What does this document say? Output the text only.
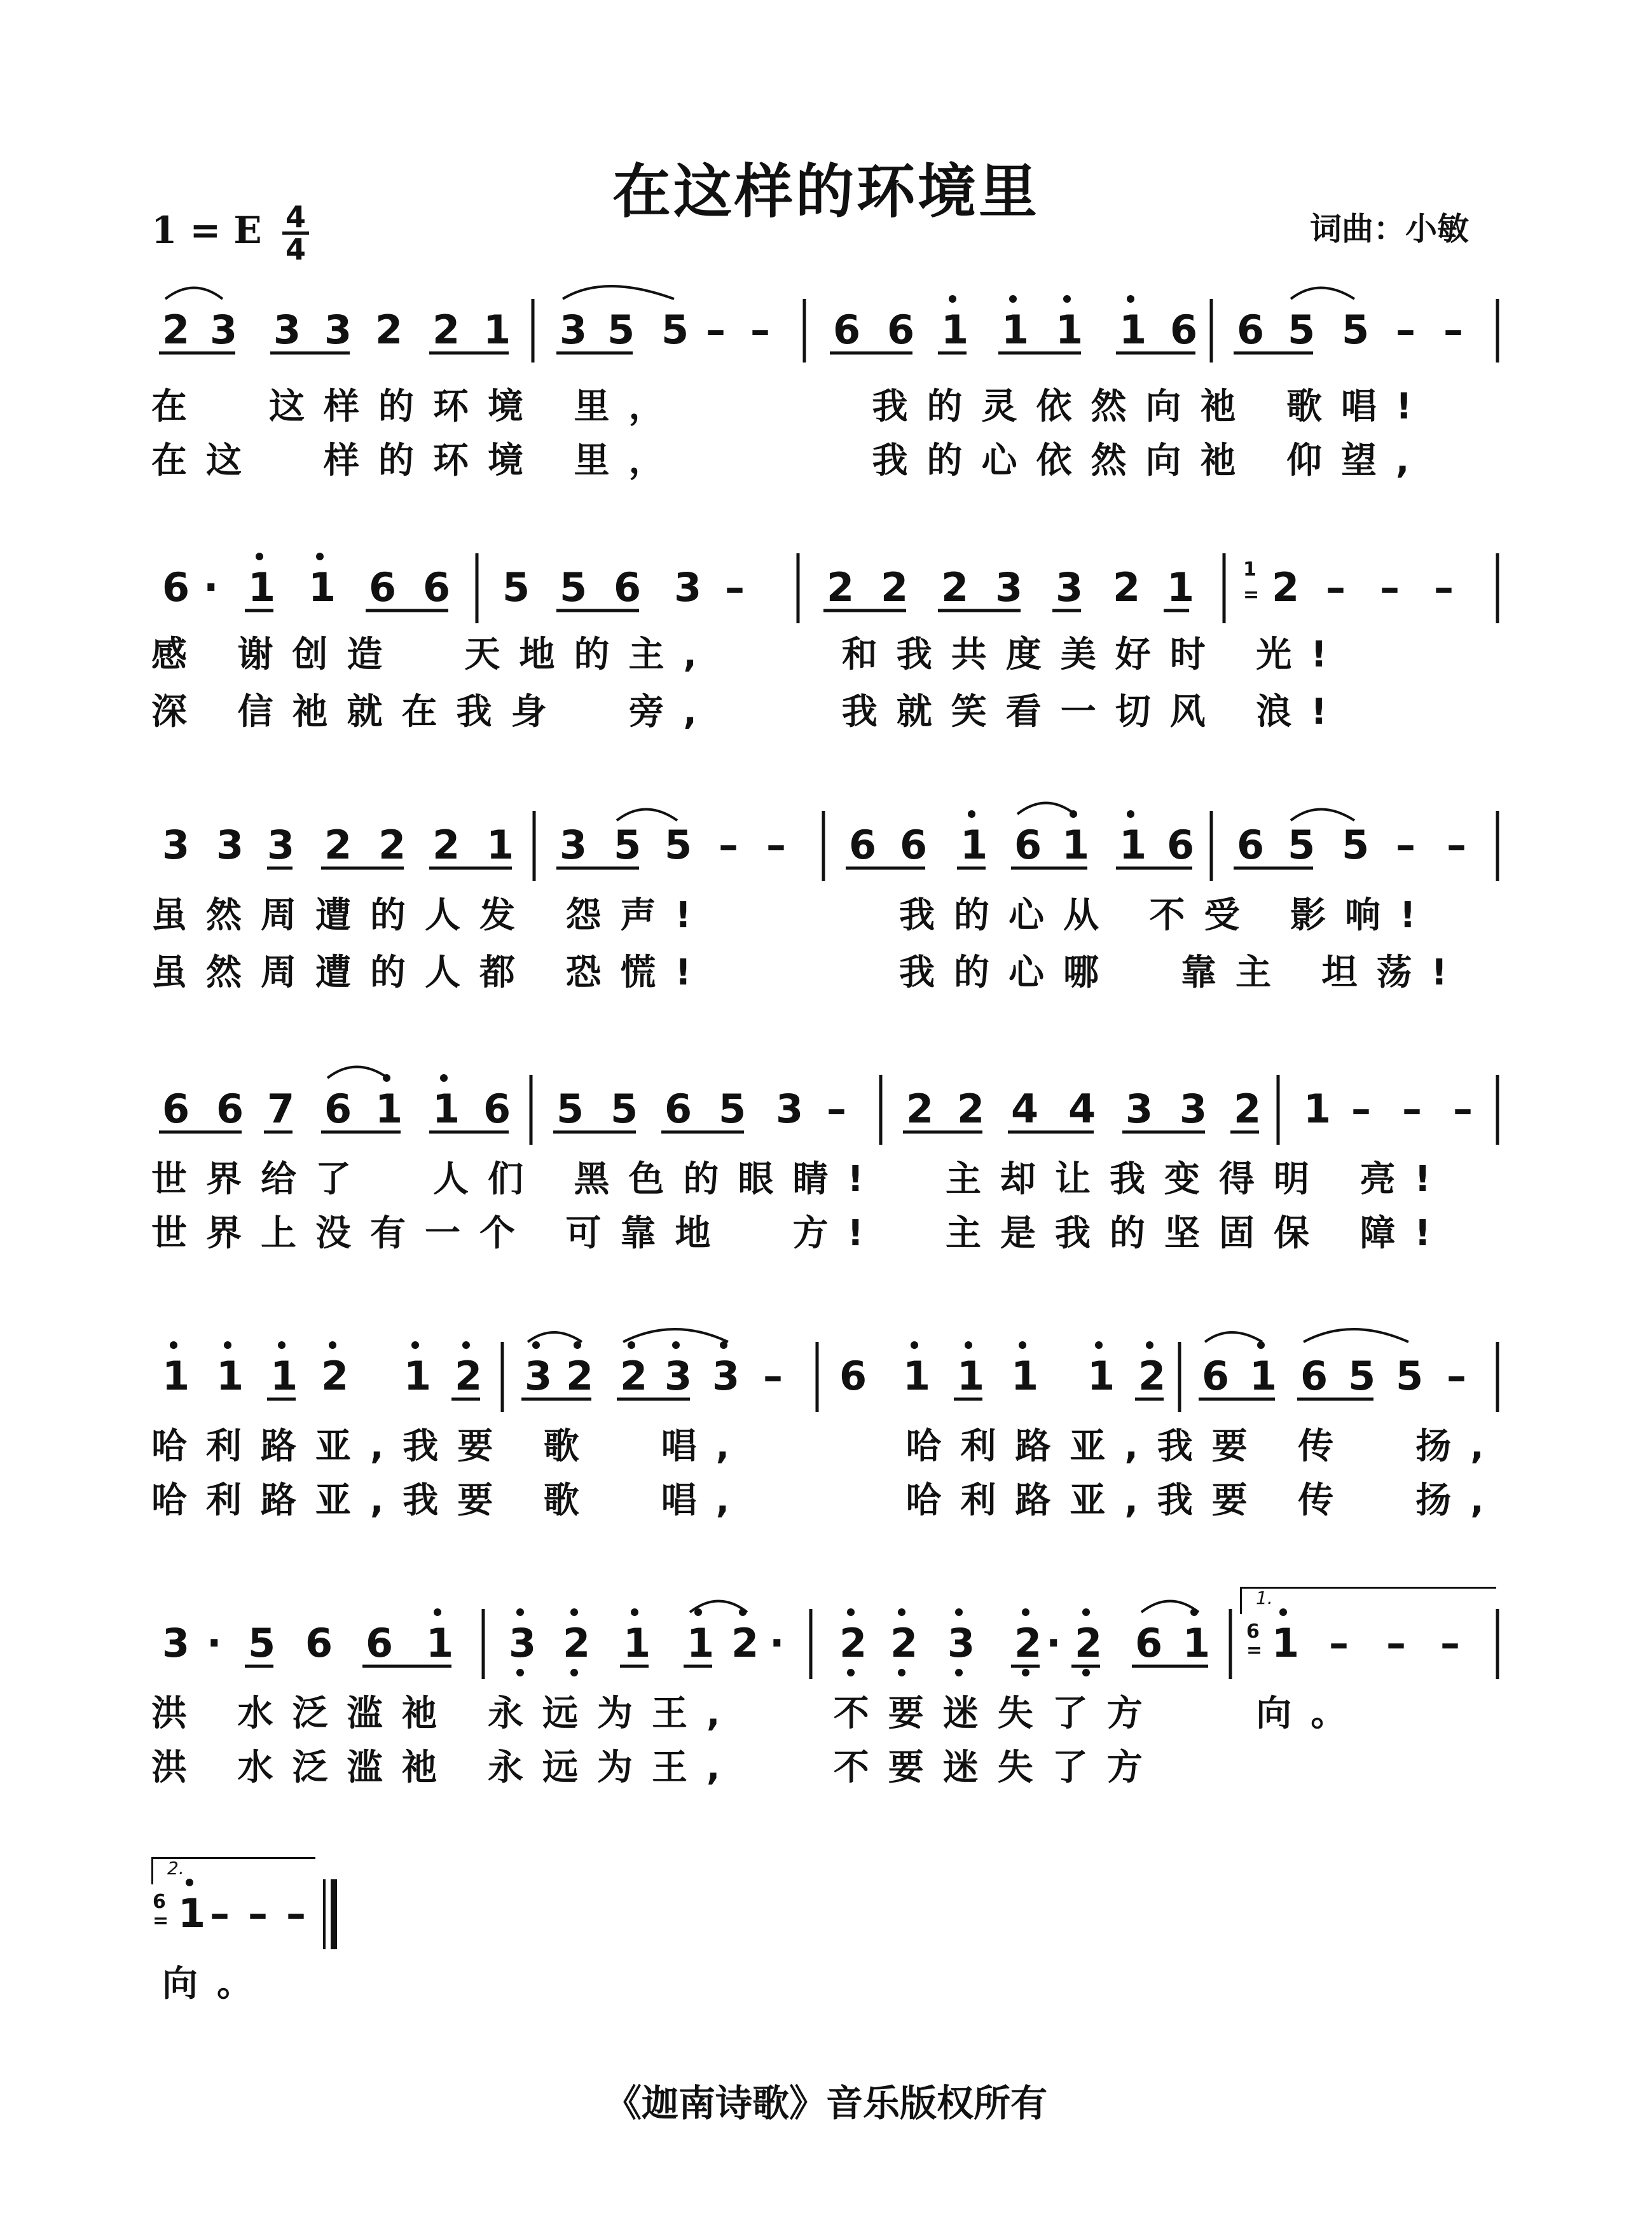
在这样的环境里
1 = E 4
4
词曲：小敏
2 3 3 3 2 2 1 3 5 5 – – 6 6 1 1 1 1 6 6 5 5 – –
在  这样的环境 里，      我的灵依然向祂 歌唱!
在这  样的环境 里，      我的心依然向祂 仰望,
6 · 1 1 6 6 5 5 6 3 – 2 2 2 3 3 2 1 2 – – –
1
=
感 谢创造  天地的主,    和我共度美好时 光!
深 信祂就在我身  旁,    我就笑看一切风 浪!
3 3 3 2 2 2 1 3 5 5 – – 6 6 1 6 1 1 6 6 5 5 – –
虽然周遭的人发 怨声!      我的心从 不受 影响!
虽然周遭的人都 恐慌!      我的心哪  靠主 坦荡!
6 6 7 6 1 1 6 5 5 6 5 3 – 2 2 4 4 3 3 2 1 – – –
世界给了  人们 黑色的眼睛!  主却让我变得明 亮!
世界上没有一个 可靠地  方!  主是我的坚固保 障!
1 1 1 2 1 2 3 2 2 3 3 – 6 1 1 1 1 2 6 1 6 5 5 –
哈利路亚,我要 歌  唱,     哈利路亚,我要 传  扬,
哈利路亚,我要 歌  唱,     哈利路亚,我要 传  扬,
1.
3 · 5 6 6 1 3 2 1 1 2 · 2 2 3 2 · 2 6 1 1 – – –
6
=
洪 水泛滥祂 永远为王,   不要迷失了方   向。
洪 水泛滥祂 永远为王,   不要迷失了方
2.
1 – – –
6
=
向。
《迦南诗歌》音乐版权所有
